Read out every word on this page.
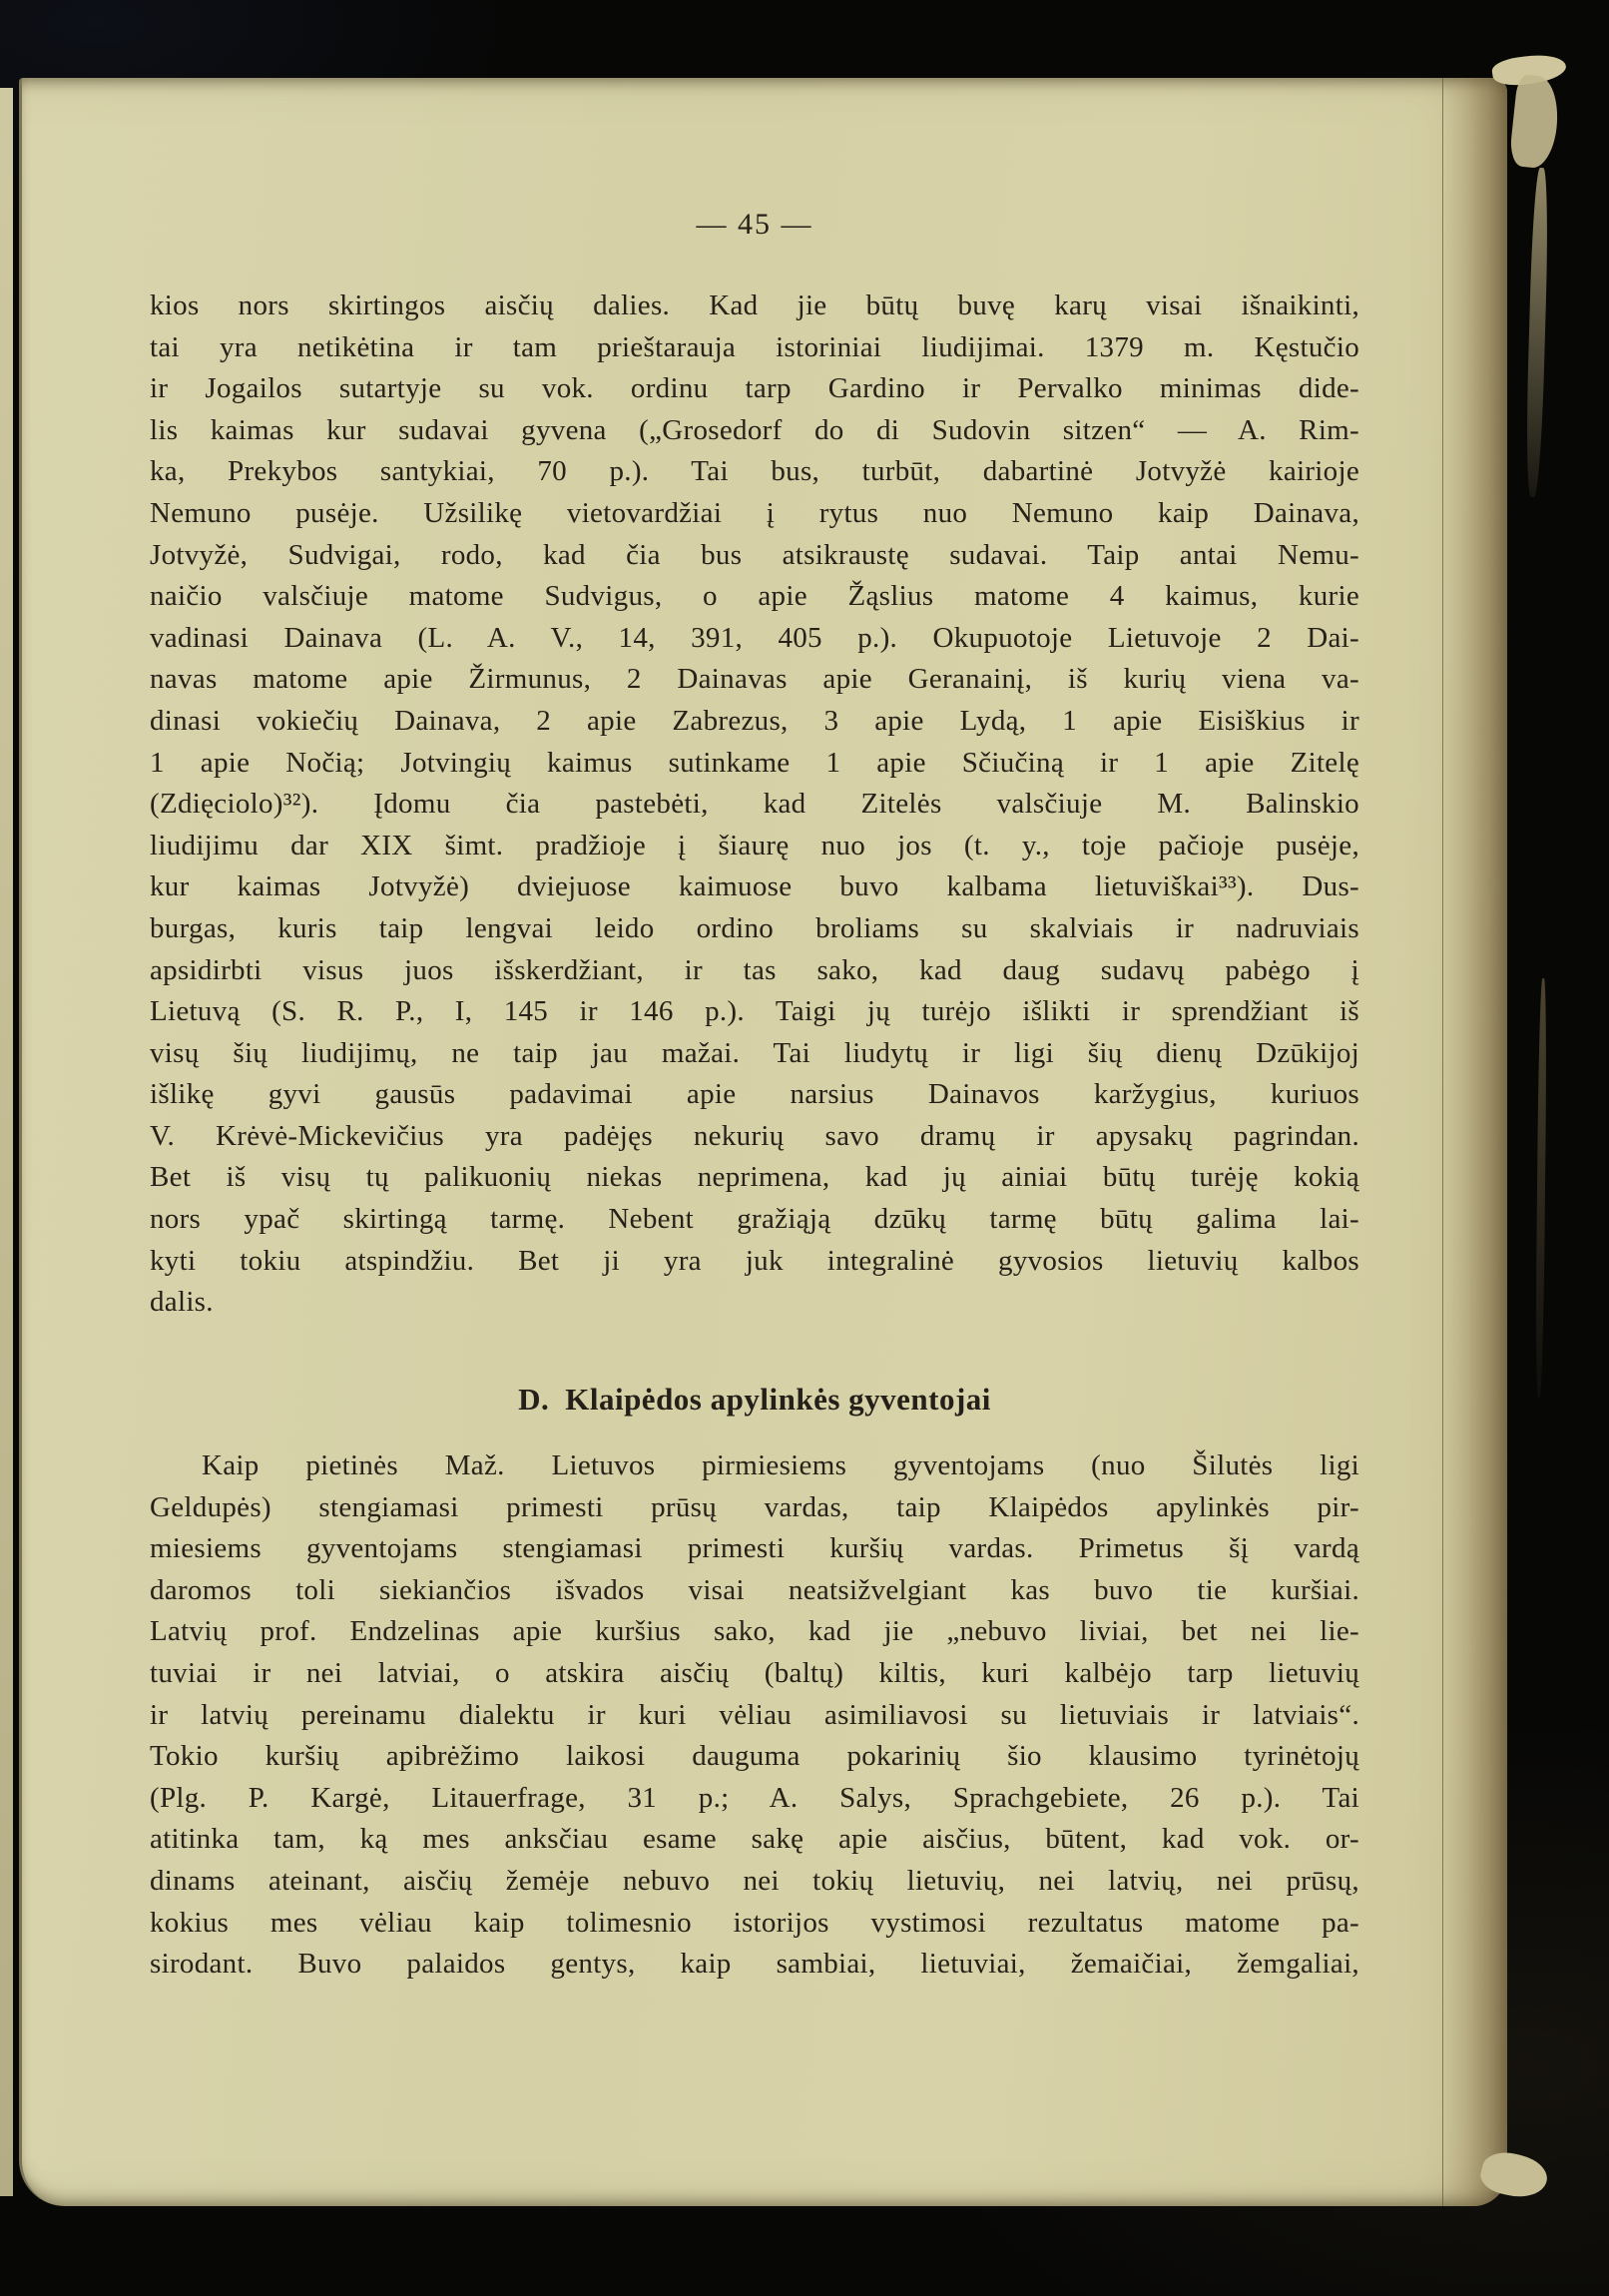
— 45 —
kios nors skirtingos aisčių dalies. Kad jie būtų buvę karų visai išnaikinti,
tai yra netikėtina ir tam prieštarauja istoriniai liudijimai. 1379 m. Kęstučio
ir Jogailos sutartyje su vok. ordinu tarp Gardino ir Pervalko minimas dide-
lis kaimas kur sudavai gyvena („Grosedorf do di Sudovin sitzen“ — A. Rim-
ka, Prekybos santykiai, 70 p.). Tai bus, turbūt, dabartinė Jotvyžė kairioje
Nemuno pusėje. Užsilikę vietovardžiai į rytus nuo Nemuno kaip Dainava,
Jotvyžė, Sudvigai, rodo, kad čia bus atsikraustę sudavai. Taip antai Nemu-
naičio valsčiuje matome Sudvigus, o apie Žąslius matome 4 kaimus, kurie
vadinasi Dainava (L. A. V., 14, 391, 405 p.). Okupuotoje Lietuvoje 2 Dai-
navas matome apie Žirmunus, 2 Dainavas apie Geranainį, iš kurių viena va-
dinasi vokiečių Dainava, 2 apie Zabrezus, 3 apie Lydą, 1 apie Eisiškius ir
1 apie Nočią; Jotvingių kaimus sutinkame 1 apie Sčiučiną ir 1 apie Zitelę
(Zdięciolo)³²). Įdomu čia pastebėti, kad Zitelės valsčiuje M. Balinskio
liudijimu dar XIX šimt. pradžioje į šiaurę nuo jos (t. y., toje pačioje pusėje,
kur kaimas Jotvyžė) dviejuose kaimuose buvo kalbama lietuviškai³³). Dus-
burgas, kuris taip lengvai leido ordino broliams su skalviais ir nadruviais
apsidirbti visus juos išskerdžiant, ir tas sako, kad daug sudavų pabėgo į
Lietuvą (S. R. P., I, 145 ir 146 p.). Taigi jų turėjo išlikti ir sprendžiant iš
visų šių liudijimų, ne taip jau mažai. Tai liudytų ir ligi šių dienų Dzūkijoj
išlikę gyvi gausūs padavimai apie narsius Dainavos karžygius, kuriuos
V. Krėvė-Mickevičius yra padėjęs nekurių savo dramų ir apysakų pagrindan.
Bet iš visų tų palikuonių niekas neprimena, kad jų ainiai būtų turėję kokią
nors ypač skirtingą tarmę. Nebent gražiąją dzūkų tarmę būtų galima lai-
kyti tokiu atspindžiu. Bet ji yra juk integralinė gyvosios lietuvių kalbos
dalis.
D. Klaipėdos apylinkės gyventojai
Kaip pietinės Maž. Lietuvos pirmiesiems gyventojams (nuo Šilutės ligi
Geldupės) stengiamasi primesti prūsų vardas, taip Klaipėdos apylinkės pir-
miesiems gyventojams stengiamasi primesti kuršių vardas. Primetus šį vardą
daromos toli siekiančios išvados visai neatsižvelgiant kas buvo tie kuršiai.
Latvių prof. Endzelinas apie kuršius sako, kad jie „nebuvo liviai, bet nei lie-
tuviai ir nei latviai, o atskira aisčių (baltų) kiltis, kuri kalbėjo tarp lietuvių
ir latvių pereinamu dialektu ir kuri vėliau asimiliavosi su lietuviais ir latviais“.
Tokio kuršių apibrėžimo laikosi dauguma pokarinių šio klausimo tyrinėtojų
(Plg. P. Kargė, Litauerfrage, 31 p.; A. Salys, Sprachgebiete, 26 p.). Tai
atitinka tam, ką mes anksčiau esame sakę apie aisčius, būtent, kad vok. or-
dinams ateinant, aisčių žemėje nebuvo nei tokių lietuvių, nei latvių, nei prūsų,
kokius mes vėliau kaip tolimesnio istorijos vystimosi rezultatus matome pa-
sirodant. Buvo palaidos gentys, kaip sambiai, lietuviai, žemaičiai, žemgaliai,
